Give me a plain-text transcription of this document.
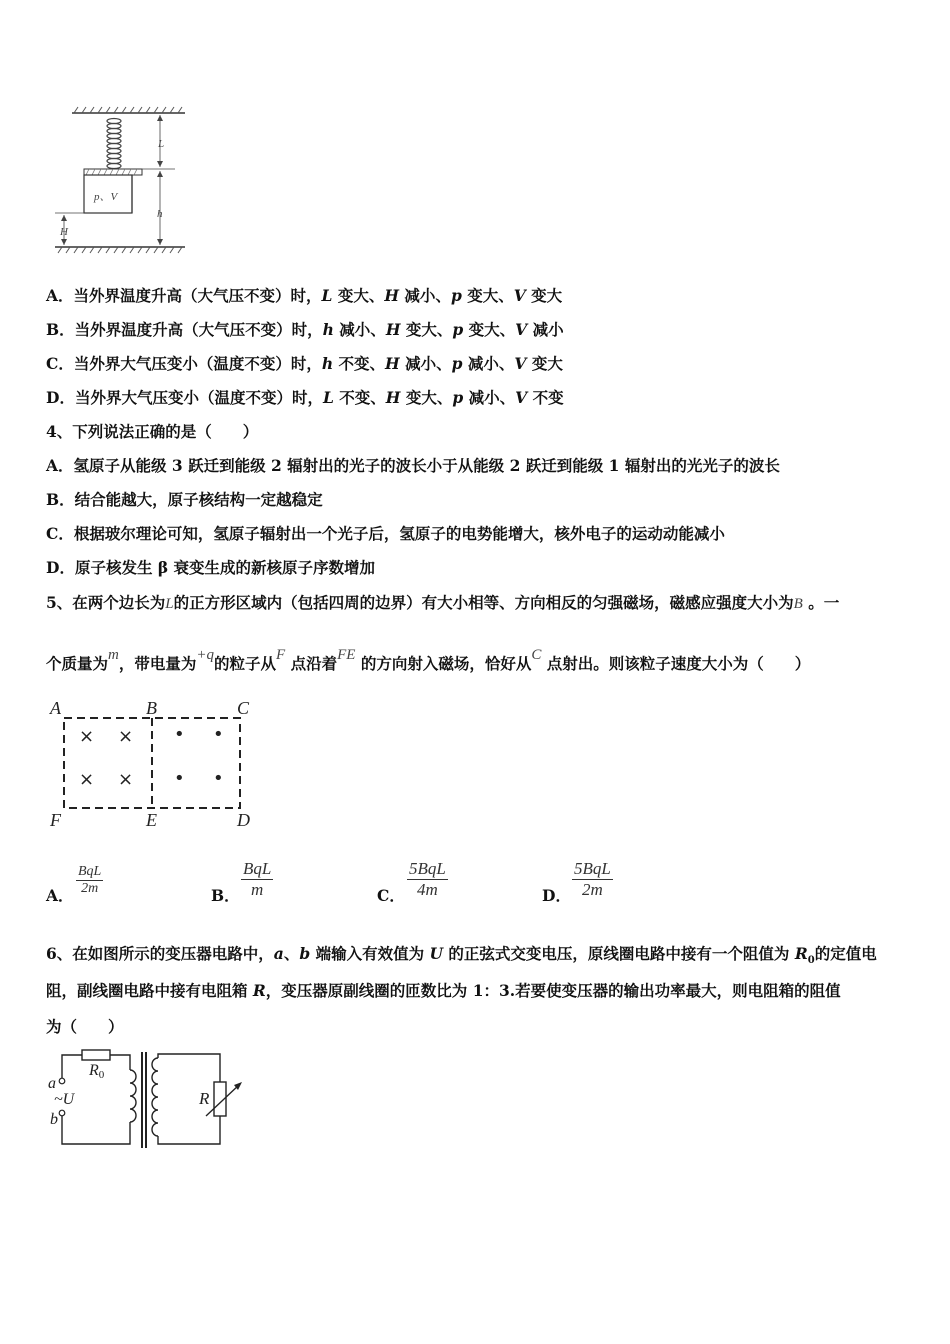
p、V
H
L
h
A．当外界温度升高（大气压不变）时，L 变大、H 减小、p 变大、V 变大
B．当外界温度升高（大气压不变）时，h 减小、H 变大、p 变大、V 减小
C．当外界大气压变小（温度不变）时，h 不变、H 减小、p 减小、V 变大
D．当外界大气压变小（温度不变）时，L 不变、H 变大、p 减小、V 不变
4、下列说法正确的是（　　）
A．氢原子从能级 3 跃迁到能级 2 辐射出的光子的波长小于从能级 2 跃迁到能级 1 辐射出的光光子的波长
B．结合能越大，原子核结构一定越稳定
C．根据玻尔理论可知，氢原子辐射出一个光子后，氢原子的电势能增大，核外电子的运动动能减小
D．原子核发生 β 衰变生成的新核原子序数增加
5、在两个边长为L的正方形区域内（包括四周的边界）有大小相等、方向相反的匀强磁场，磁感应强度大小为B 。一
个质量为m，带电量为+q的粒子从F 点沿着FE 的方向射入磁场，恰好从C 点射出。则该粒子速度大小为（　　）
A	B	C
F	E	D
× ×
× ×
• •
• •
A．
BqL
2m	B．
BqL
m	C．
5BqL
4m	D．
5BqL
2m
6、在如图所示的变压器电路中，a、b 端输入有效值为 U 的正弦式交变电压，原线圈电路中接有一个阻值为 $R_0$的定值电
阻，副线圈电路中接有电阻箱 R，变压器原副线圈的匝数比为 1：3.若要使变压器的输出功率最大，则电阻箱的阻值
为（　　）
R0
a
~U
b
R
